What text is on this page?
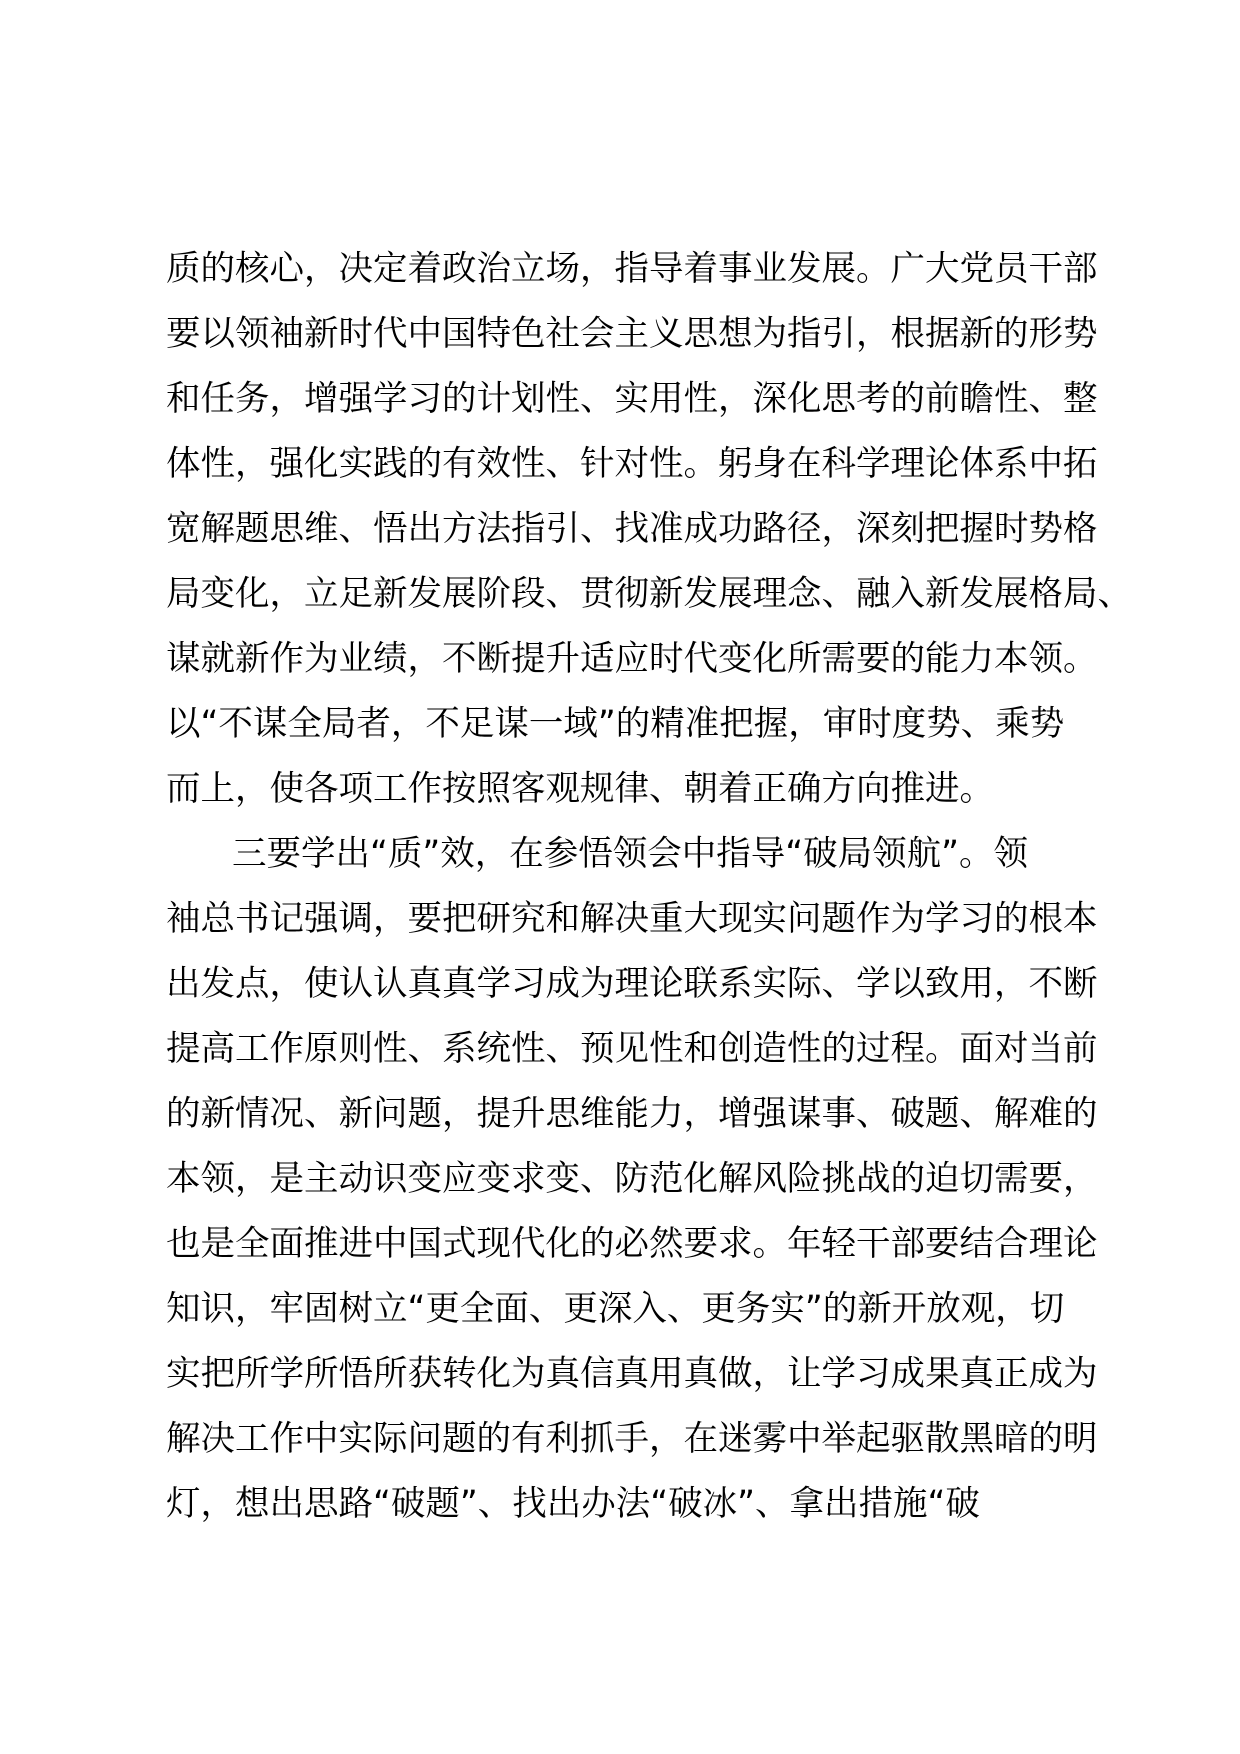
质的核心，决定着政治立场，指导着事业发展。广大党员干部
要以领袖新时代中国特色社会主义思想为指引，根据新的形势
和任务，增强学习的计划性、实用性，深化思考的前瞻性、整
体性，强化实践的有效性、针对性。躬身在科学理论体系中拓
宽解题思维、悟出方法指引、找准成功路径，深刻把握时势格
局变化，立足新发展阶段、贯彻新发展理念、融入新发展格局、
谋就新作为业绩，不断提升适应时代变化所需要的能力本领。
以“不谋全局者，不足谋一域”的精准把握，审时度势、乘势
而上，使各项工作按照客观规律、朝着正确方向推进。
三要学出“质”效，在参悟领会中指导“破局领航”。领
袖总书记强调，要把研究和解决重大现实问题作为学习的根本
出发点，使认认真真学习成为理论联系实际、学以致用，不断
提高工作原则性、系统性、预见性和创造性的过程。面对当前
的新情况、新问题，提升思维能力，增强谋事、破题、解难的
本领，是主动识变应变求变、防范化解风险挑战的迫切需要，
也是全面推进中国式现代化的必然要求。年轻干部要结合理论
知识，牢固树立“更全面、更深入、更务实”的新开放观，切
实把所学所悟所获转化为真信真用真做，让学习成果真正成为
解决工作中实际问题的有利抓手，在迷雾中举起驱散黑暗的明
灯，想出思路“破题”、找出办法“破冰”、拿出措施“破
